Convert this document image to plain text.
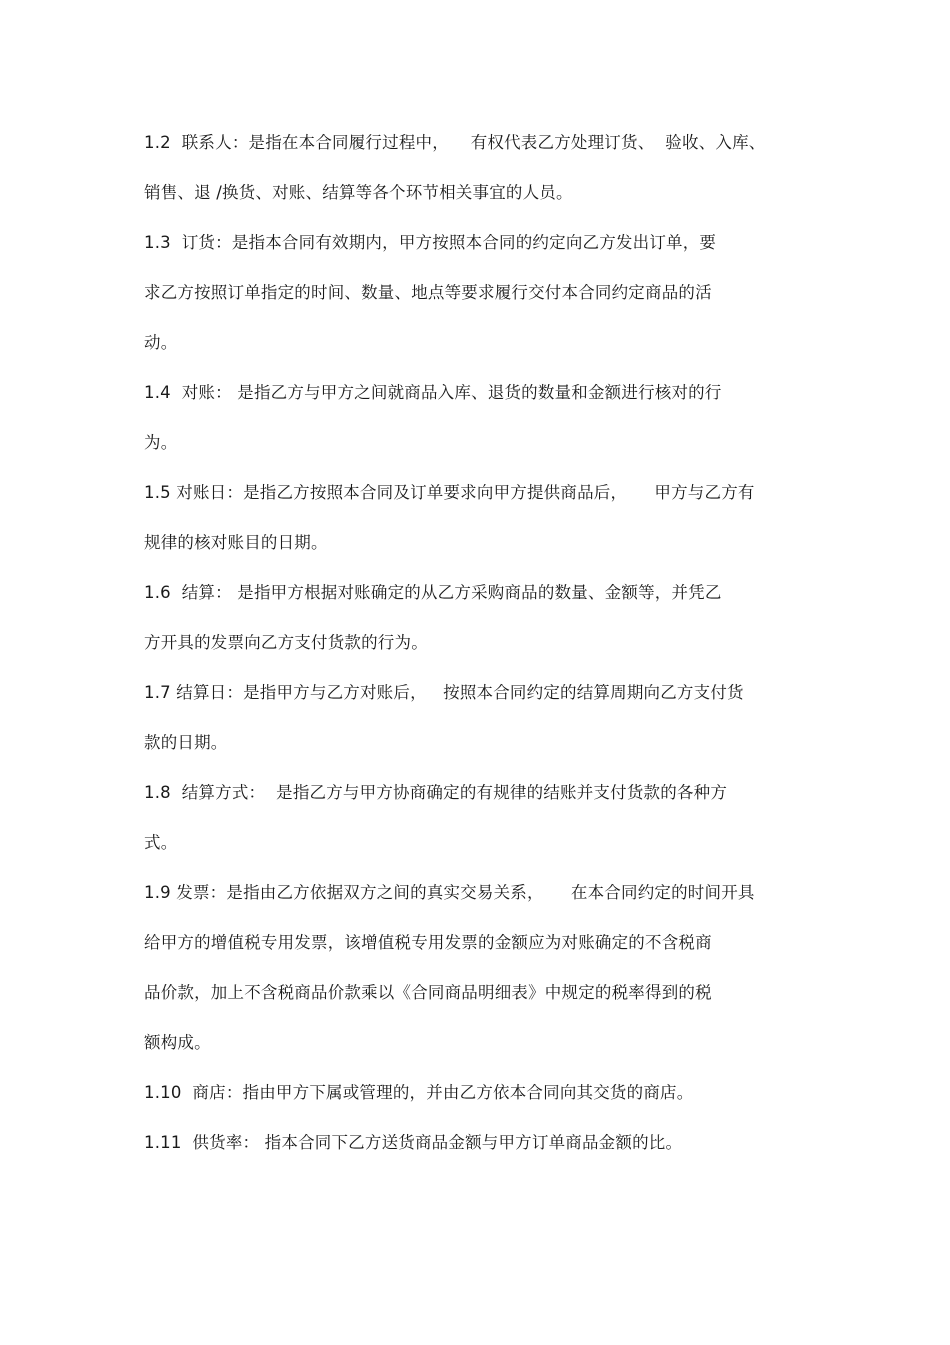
1.2  联系人：是指在本合同履行过程中，    有权代表乙方处理订货、  验收、入库、
销售、退 /换货、对账、结算等各个环节相关事宜的人员。
1.3  订货：是指本合同有效期内，甲方按照本合同的约定向乙方发出订单，要
求乙方按照订单指定的时间、数量、地点等要求履行交付本合同约定商品的活
动。
1.4  对账： 是指乙方与甲方之间就商品入库、退货的数量和金额进行核对的行
为。
1.5 对账日：是指乙方按照本合同及订单要求向甲方提供商品后，     甲方与乙方有
规律的核对账目的日期。
1.6  结算： 是指甲方根据对账确定的从乙方采购商品的数量、金额等，并凭乙
方开具的发票向乙方支付货款的行为。
1.7 结算日：是指甲方与乙方对账后，   按照本合同约定的结算周期向乙方支付货
款的日期。
1.8  结算方式：  是指乙方与甲方协商确定的有规律的结账并支付货款的各种方
式。
1.9 发票：是指由乙方依据双方之间的真实交易关系，     在本合同约定的时间开具
给甲方的增值税专用发票，该增值税专用发票的金额应为对账确定的不含税商
品价款，加上不含税商品价款乘以《合同商品明细表》中规定的税率得到的税
额构成。
1.10  商店：指由甲方下属或管理的，并由乙方依本合同向其交货的商店。
1.11  供货率： 指本合同下乙方送货商品金额与甲方订单商品金额的比。
